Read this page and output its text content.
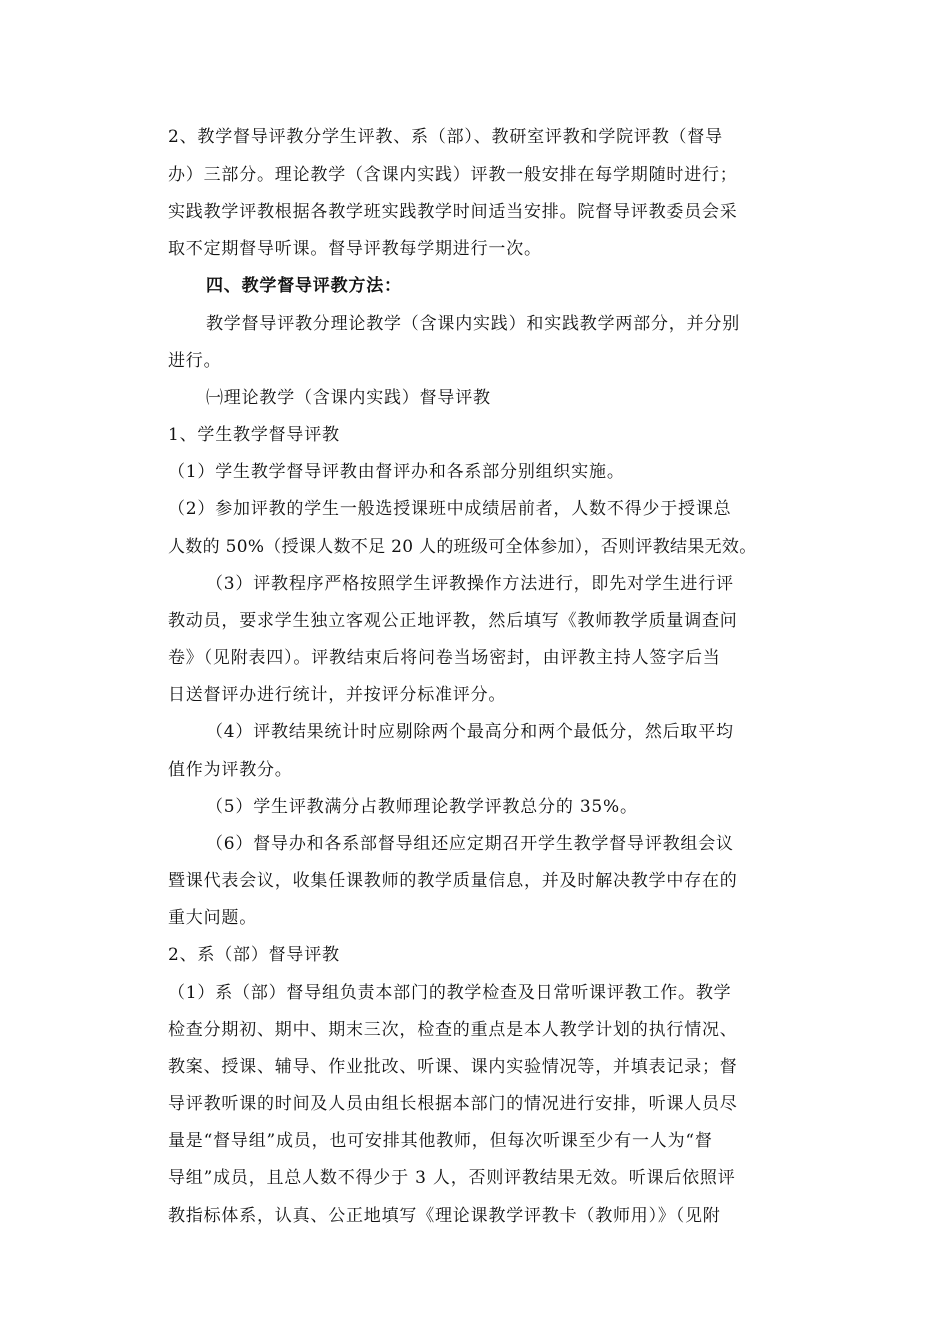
2、教学督导评教分学生评教、系（部）、教研室评教和学院评教（督导
办）三部分。理论教学（含课内实践）评教一般安排在每学期随时进行；
实践教学评教根据各教学班实践教学时间适当安排。院督导评教委员会采
取不定期督导听课。督导评教每学期进行一次。
四、教学督导评教方法：
教学督导评教分理论教学（含课内实践）和实践教学两部分，并分别
进行。
㈠理论教学（含课内实践）督导评教
1、学生教学督导评教
（1）学生教学督导评教由督评办和各系部分别组织实施。
（2）参加评教的学生一般选授课班中成绩居前者，人数不得少于授课总
人数的 50%（授课人数不足 20 人的班级可全体参加），否则评教结果无效。
（3）评教程序严格按照学生评教操作方法进行，即先对学生进行评
教动员，要求学生独立客观公正地评教，然后填写《教师教学质量调查问
卷》（见附表四）。评教结束后将问卷当场密封，由评教主持人签字后当
日送督评办进行统计，并按评分标准评分。
（4）评教结果统计时应剔除两个最高分和两个最低分，然后取平均
值作为评教分。
（5）学生评教满分占教师理论教学评教总分的 35%。
（6）督导办和各系部督导组还应定期召开学生教学督导评教组会议
暨课代表会议，收集任课教师的教学质量信息，并及时解决教学中存在的
重大问题。
2、系（部）督导评教
（1）系（部）督导组负责本部门的教学检查及日常听课评教工作。教学
检查分期初、期中、期末三次，检查的重点是本人教学计划的执行情况、
教案、授课、辅导、作业批改、听课、课内实验情况等，并填表记录；督
导评教听课的时间及人员由组长根据本部门的情况进行安排，听课人员尽
量是“督导组”成员，也可安排其他教师，但每次听课至少有一人为“督
导组”成员，且总人数不得少于 3 人，否则评教结果无效。听课后依照评
教指标体系，认真、公正地填写《理论课教学评教卡（教师用）》（见附
